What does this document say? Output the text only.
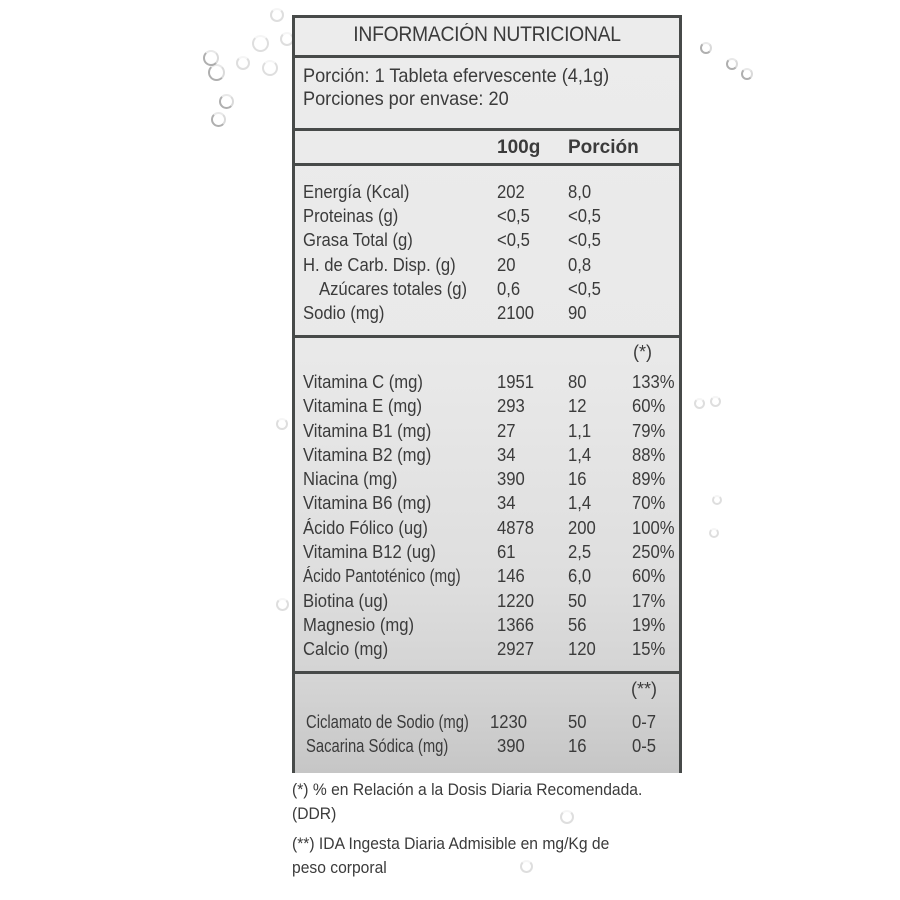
INFORMACIÓN NUTRICIONAL
Porción: 1 Tableta efervescente (4,1g)
Porciones por envase: 20
100g Porción
Energía (Kcal)	202 8,0
Proteinas (g)	<0,5 <0,5
Grasa Total (g)	<0,5 <0,5
H. de Carb. Disp. (g) 20	0,8
Azúcares totales (g) 0,6	<0,5
Sodio (mg)	2100 90
(*)
Vitamina C (mg)	1951 80 133%
Vitamina E (mg)	293 12 60%
Vitamina B1 (mg)	27	1,1 79%
Vitamina B2 (mg)	34	1,4 88%
Niacina (mg)	390 16 89%
Vitamina B6 (mg)	34	1,4 70%
Ácido Fólico (ug)	4878 200 100%
Vitamina B12 (ug)	61	2,5 250%
Ácido Pantoténico (mg) 146 6,0 60%
Biotina (ug)	1220 50 17%
Magnesio (mg)	1366 56 19%
Calcio (mg)	2927 120 15%
(**)
Ciclamato de Sodio (mg) 1230 50 0-7
Sacarina Sódica (mg)	390 16 0-5
(*) % en Relación a la Dosis Diaria Recomendada.
(DDR)
(**) IDA Ingesta Diaria Admisible en mg/Kg de
peso corporal
